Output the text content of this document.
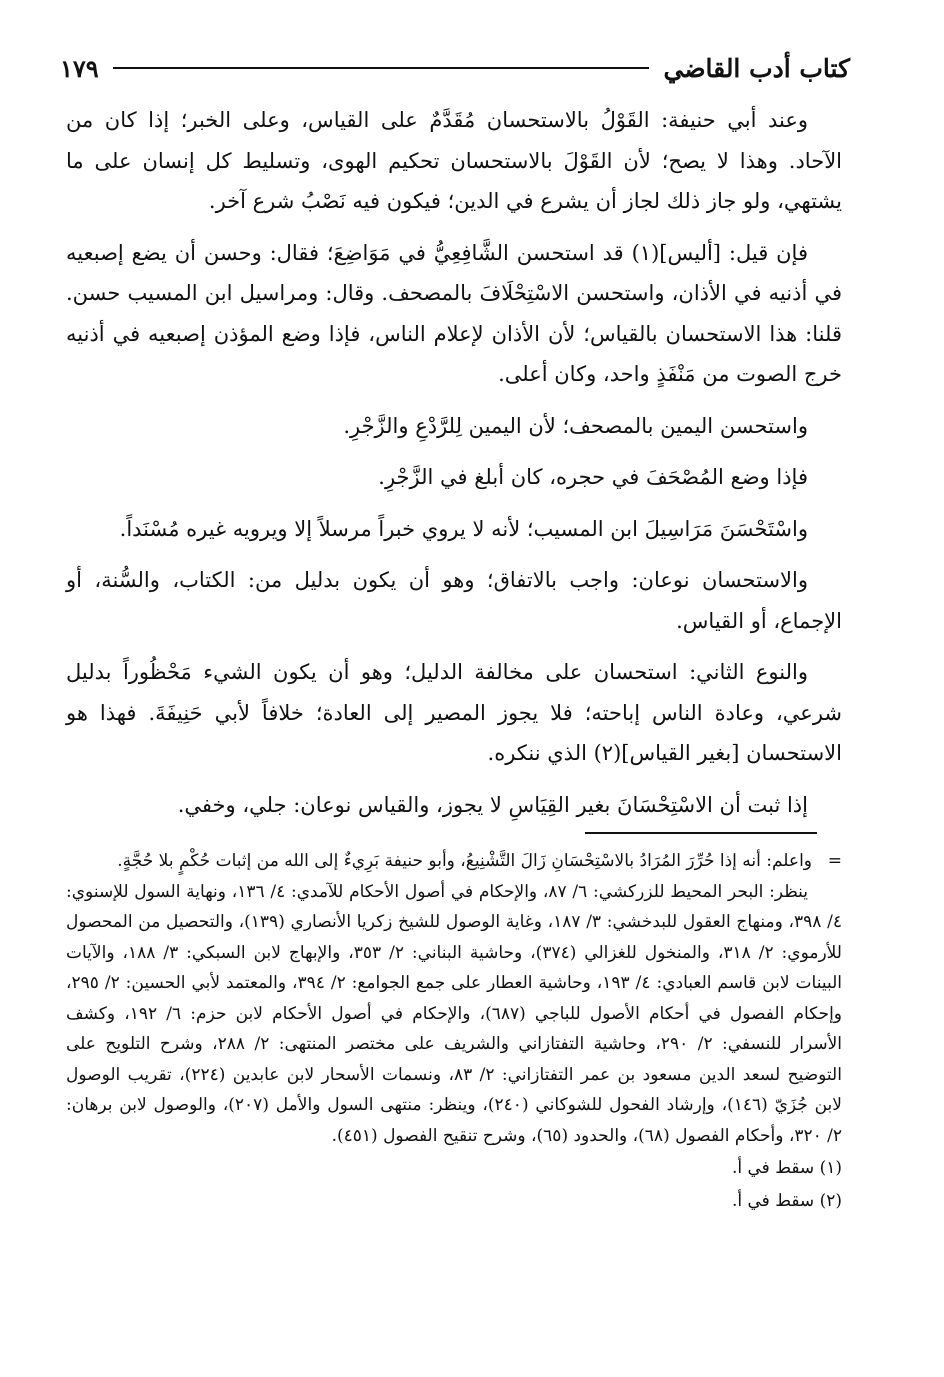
كتاب أدب القاضي
١٧٩

وعند أبي حنيفة: القَوْلُ بالاستحسان مُقَدَّمٌ على القياس، وعلى الخبر؛ إذا كان من الآحاد. وهذا لا يصح؛ لأن القَوْلَ بالاستحسان تحكيم الهوى، وتسليط كل إنسان على ما يشتهي، ولو جاز ذلك لجاز أن يشرع في الدين؛ فيكون فيه نَصْبُ شرع آخر.

فإن قيل: [أليس](١) قد استحسن الشَّافِعِيُّ في مَوَاضِعَ؛ فقال: وحسن أن يضع إصبعيه في أذنيه في الأذان، واستحسن الاسْتِحْلَافَ بالمصحف. وقال: ومراسيل ابن المسيب حسن. قلنا: هذا الاستحسان بالقياس؛ لأن الأذان لإعلام الناس، فإذا وضع المؤذن إصبعيه في أذنيه خرج الصوت من مَنْفَذٍ واحد، وكان أعلى.

واستحسن اليمين بالمصحف؛ لأن اليمين لِلرَّدْعِ والزَّجْرِ.

فإذا وضع المُصْحَفَ في حجره، كان أبلغ في الزَّجْرِ.

واسْتَحْسَنَ مَرَاسِيلَ ابن المسيب؛ لأنه لا يروي خبراً مرسلاً إلا ويرويه غيره مُسْنَداً.

والاستحسان نوعان: واجب بالاتفاق؛ وهو أن يكون بدليل من: الكتاب، والسُّنة، أو الإجماع، أو القياس.

والنوع الثاني: استحسان على مخالفة الدليل؛ وهو أن يكون الشيء مَحْظُوراً بدليل شرعي، وعادة الناس إباحته؛ فلا يجوز المصير إلى العادة؛ خلافاً لأبي حَنِيفَةَ. فهذا هو الاستحسان [بغير القياس](٢) الذي ننكره.

إذا ثبت أن الاسْتِحْسَانَ بغير القِيَاسِ لا يجوز، والقياس نوعان: جلي، وخفي.

=
واعلم: أنه إذا حُرِّرَ المُرَادُ بالاسْتِحْسَانِ زَالَ التَّشْنِيعُ، وأبو حنيفة بَرِيءٌ إلى الله من إثبات حُكْمٍ بلا حُجَّةٍ.

ينظر: البحر المحيط للزركشي: ٦/ ٨٧، والإحكام في أصول الأحكام للآمدي: ٤/ ١٣٦، ونهاية السول للإسنوي: ٤/ ٣٩٨، ومنهاج العقول للبدخشي: ٣/ ١٨٧، وغاية الوصول للشيخ زكريا الأنصاري (١٣٩)، والتحصيل من المحصول للأرموي: ٢/ ٣١٨، والمنخول للغزالي (٣٧٤)، وحاشية البناني: ٢/ ٣٥٣، والإبهاج لابن السبكي: ٣/ ١٨٨، والآيات البينات لابن قاسم العبادي: ٤/ ١٩٣، وحاشية العطار على جمع الجوامع: ٢/ ٣٩٤، والمعتمد لأبي الحسين: ٢/ ٢٩٥، وإحكام الفصول في أحكام الأصول للباجي (٦٨٧)، والإحكام في أصول الأحكام لابن حزم: ٦/ ١٩٢، وكشف الأسرار للنسفي: ٢/ ٢٩٠، وحاشية التفتازاني والشريف على مختصر المنتهى: ٢/ ٢٨٨، وشرح التلويح على التوضيح لسعد الدين مسعود بن عمر التفتازاني: ٢/ ٨٣، ونسمات الأسحار لابن عابدين (٢٢٤)، تقريب الوصول لابن جُزَيّ (١٤٦)، وإرشاد الفحول للشوكاني (٢٤٠)، وينظر: منتهى السول والأمل (٢٠٧)، والوصول لابن برهان: ٢/ ٣٢٠، وأحكام الفصول (٦٨)، والحدود (٦٥)، وشرح تنقيح الفصول (٤٥١).

(١) سقط في أ.

(٢) سقط في أ.
